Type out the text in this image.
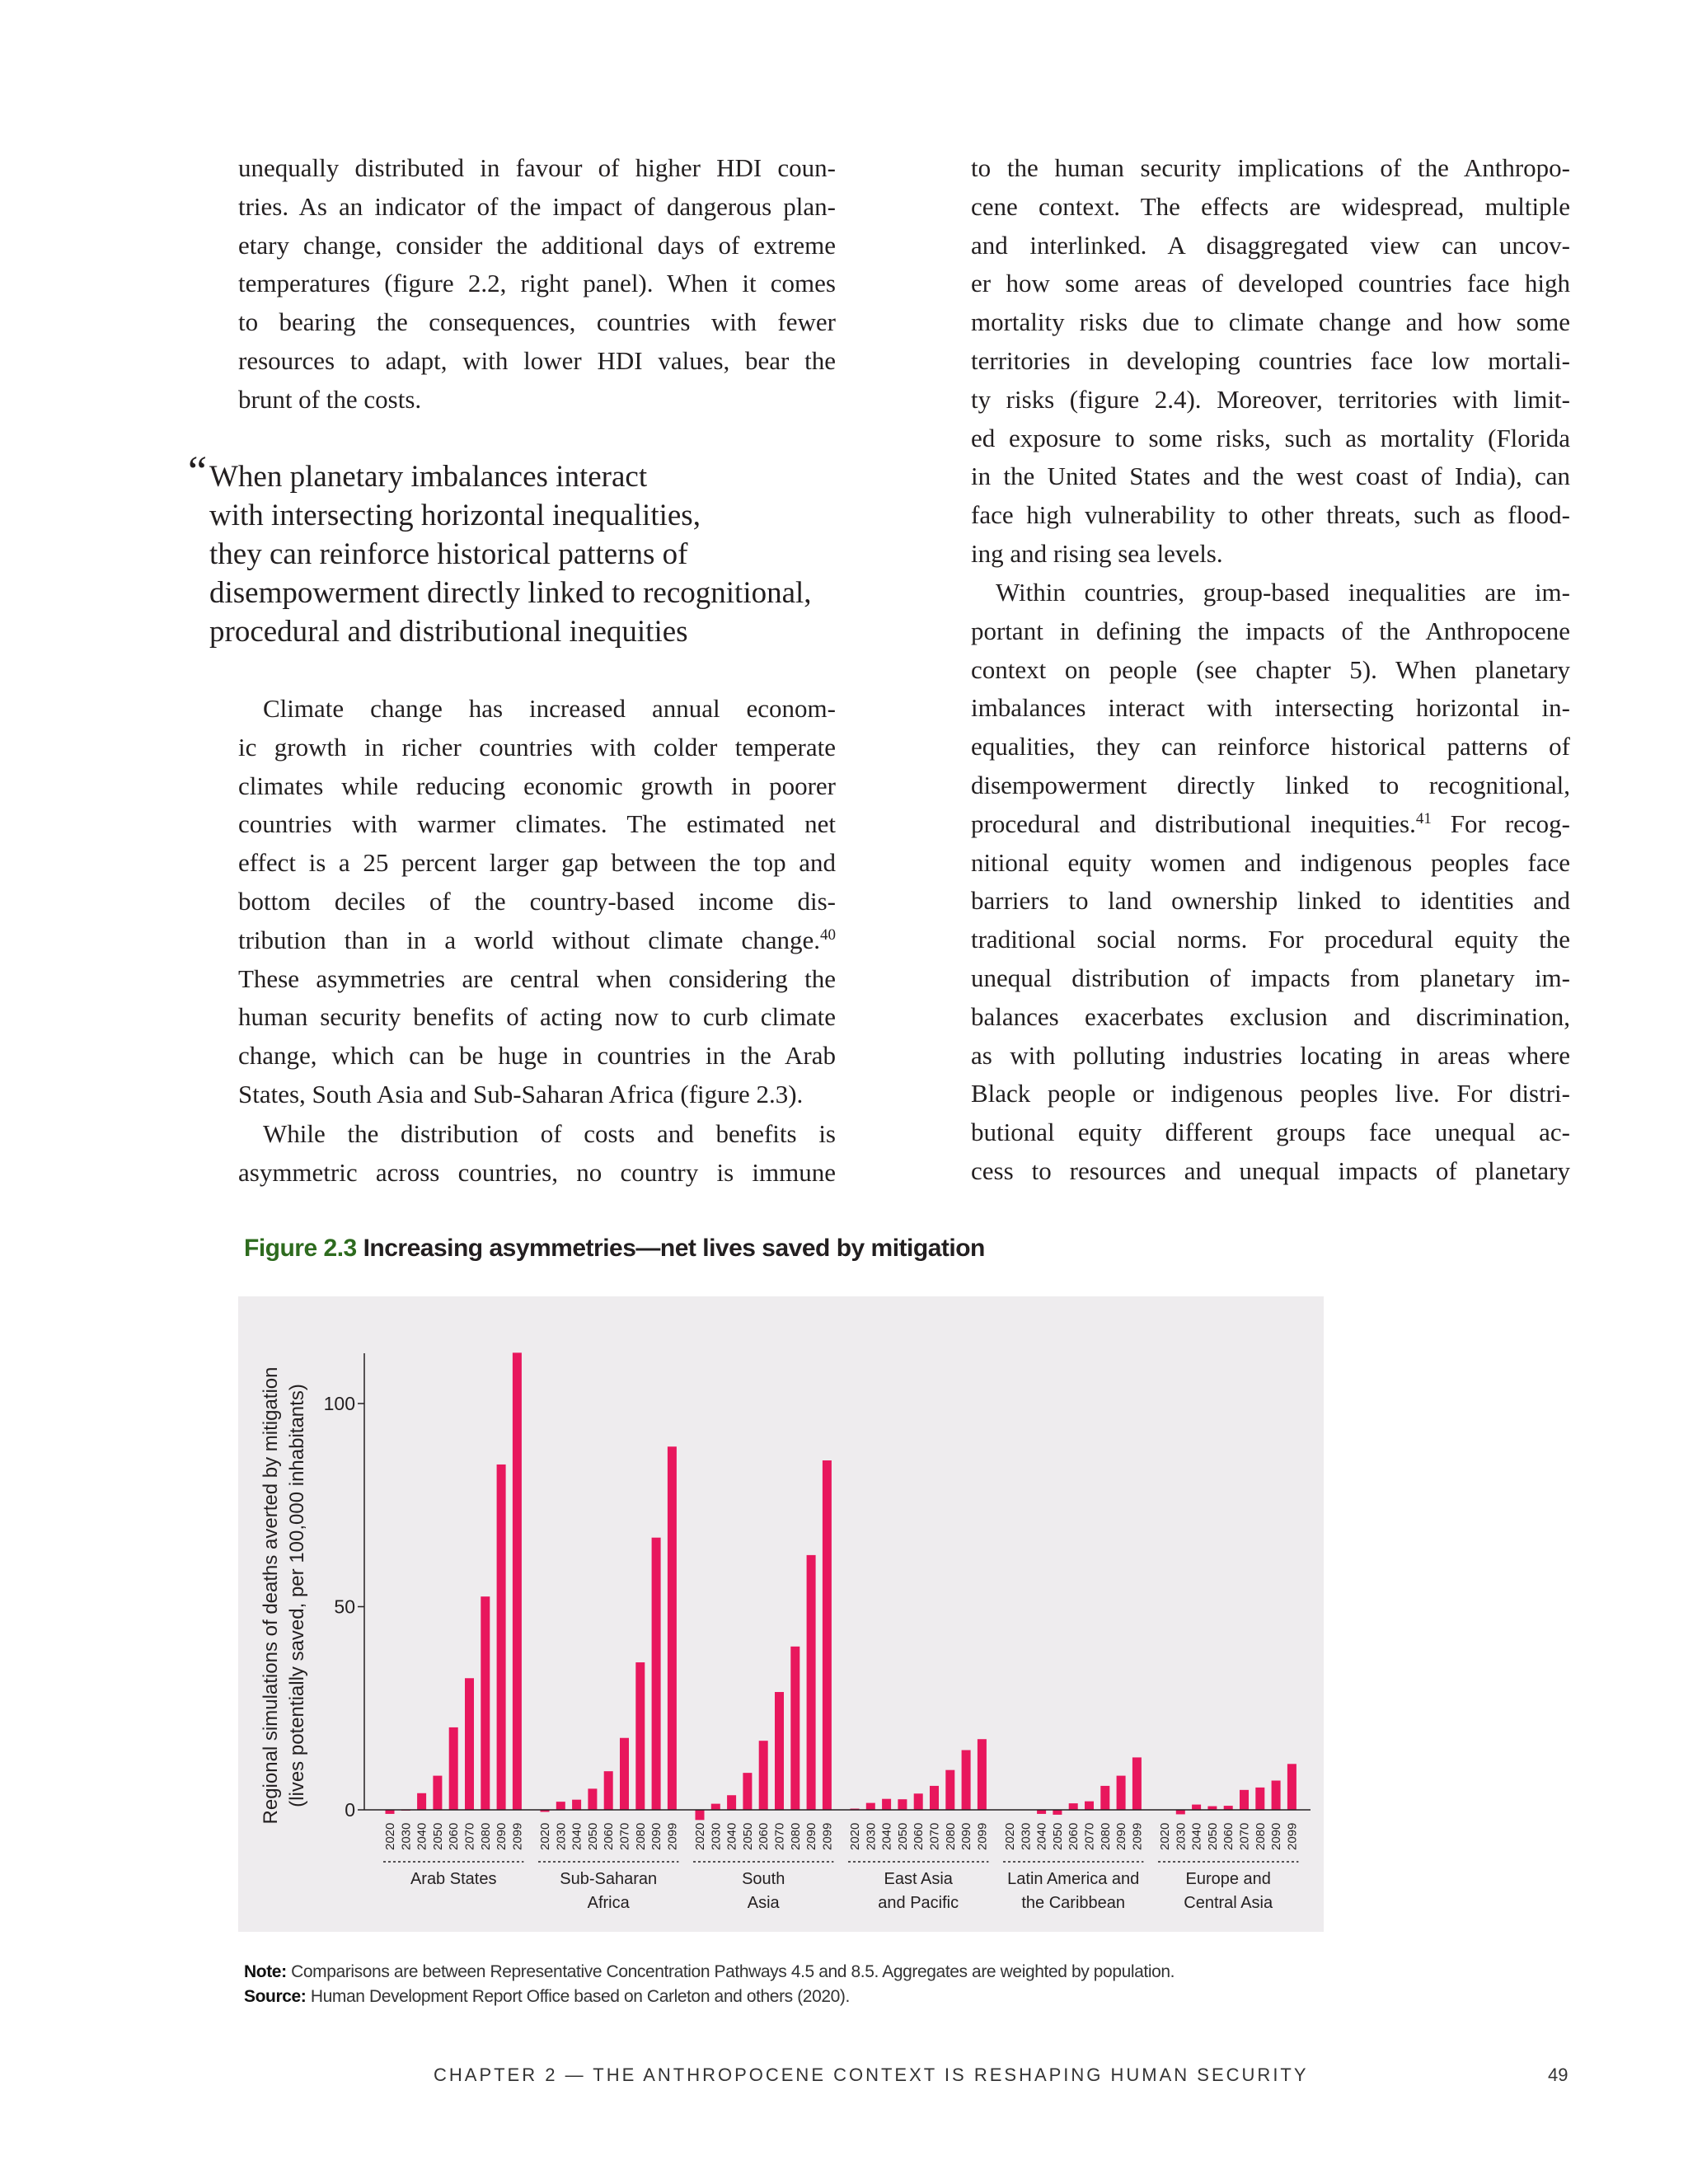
unequally distributed in favour of higher HDI coun-
tries. As an indicator of the impact of dangerous plan-
etary change, consider the additional days of extreme
temperatures (figure 2.2, right panel). When it comes
to bearing the consequences, countries with fewer
resources to adapt, with lower HDI values, bear the
brunt of the costs.
“ When planetary imbalances interact
with intersecting horizontal inequalities,
they can reinforce historical patterns of
disempowerment directly linked to recognitional,
procedural and distributional inequities
Climate change has increased annual econom-
ic growth in richer countries with colder temperate
climates while reducing economic growth in poorer
countries with warmer climates. The estimated net
effect is a 25 percent larger gap between the top and
bottom deciles of the country-based income dis-
tribution than in a world without climate change.$^{40}$
These asymmetries are central when considering the
human security benefits of acting now to curb climate
change, which can be huge in countries in the Arab
States, South Asia and Sub-Saharan Africa (figure 2.3).
While the distribution of costs and benefits is
asymmetric across countries, no country is immune
to the human security implications of the Anthropo-
cene context. The effects are widespread, multiple
and interlinked. A disaggregated view can uncov-
er how some areas of developed countries face high
mortality risks due to climate change and how some
territories in developing countries face low mortali-
ty risks (figure 2.4). Moreover, territories with limit-
ed exposure to some risks, such as mortality (Florida
in the United States and the west coast of India), can
face high vulnerability to other threats, such as flood-
ing and rising sea levels.
Within countries, group-based inequalities are im-
portant in defining the impacts of the Anthropocene
context on people (see chapter 5). When planetary
imbalances interact with intersecting horizontal in-
equalities, they can reinforce historical patterns of
disempowerment directly linked to recognitional,
procedural and distributional inequities.$^{41}$ For recog-
nitional equity women and indigenous peoples face
barriers to land ownership linked to identities and
traditional social norms. For procedural equity the
unequal distribution of impacts from planetary im-
balances exacerbates exclusion and discrimination,
as with polluting industries locating in areas where
Black people or indigenous peoples live. For distri-
butional equity different groups face unequal ac-
cess to resources and unequal impacts of planetary
Figure 2.3 Increasing asymmetries—net lives saved by mitigation
0
50
100
Regional simulations of deaths averted by mitigation (lives potentially saved, per 100,000 inhabitants)
2020 2030 2040 2050 2060 2070 2080 2090 2099
Arab States
2020 2030 2040 2050 2060 2070 2080 2090 2099
Sub-Saharan
Africa
2020 2030 2040 2050 2060 2070 2080 2090 2099
South
Asia
2020 2030 2040 2050 2060 2070 2080 2090 2099
East Asia
and Pacific
2020 2030 2040 2050 2060 2070 2080 2090 2099
Latin America and
the Caribbean
2020 2030 2040 2050 2060 2070 2080 2090 2099
Europe and
Central Asia
Note: Comparisons are between Representative Concentration Pathways 4.5 and 8.5. Aggregates are weighted by population.
Source: Human Development Report Office based on Carleton and others (2020).
CHAPTER 2 — THE ANTHROPOCENE CONTEXT IS RESHAPING HUMAN SECURITY	49
